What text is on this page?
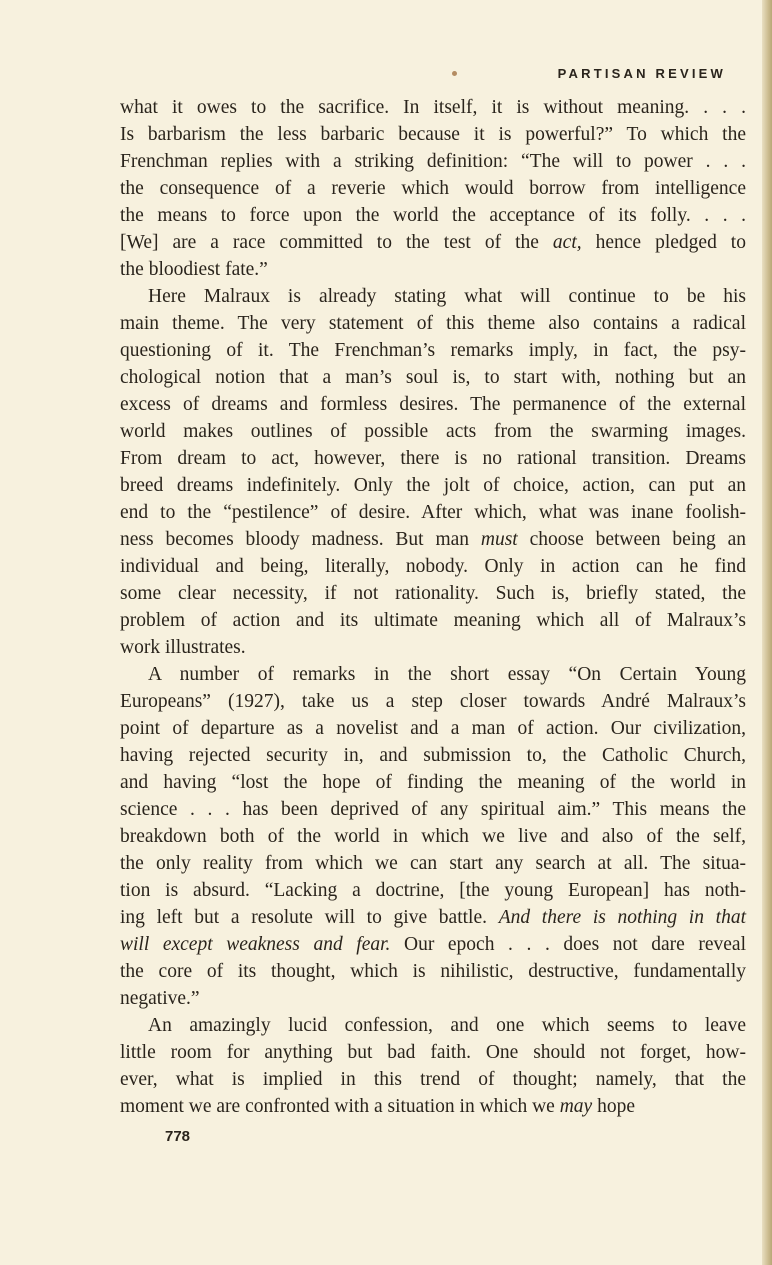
PARTISAN REVIEW
what it owes to the sacrifice. In itself, it is without meaning. . . .
Is barbarism the less barbaric because it is powerful?” To which the
Frenchman replies with a striking definition: “The will to power . . .
the consequence of a reverie which would borrow from intelligence
the means to force upon the world the acceptance of its folly. . . .
[We] are a race committed to the test of the act, hence pledged to
the bloodiest fate.”
Here Malraux is already stating what will continue to be his
main theme. The very statement of this theme also contains a radical
questioning of it. The Frenchman’s remarks imply, in fact, the psy-
chological notion that a man’s soul is, to start with, nothing but an
excess of dreams and formless desires. The permanence of the external
world makes outlines of possible acts from the swarming images.
From dream to act, however, there is no rational transition. Dreams
breed dreams indefinitely. Only the jolt of choice, action, can put an
end to the “pestilence” of desire. After which, what was inane foolish-
ness becomes bloody madness. But man must choose between being an
individual and being, literally, nobody. Only in action can he find
some clear necessity, if not rationality. Such is, briefly stated, the
problem of action and its ultimate meaning which all of Malraux’s
work illustrates.
A number of remarks in the short essay “On Certain Young
Europeans” (1927), take us a step closer towards André Malraux’s
point of departure as a novelist and a man of action. Our civilization,
having rejected security in, and submission to, the Catholic Church,
and having “lost the hope of finding the meaning of the world in
science . . . has been deprived of any spiritual aim.” This means the
breakdown both of the world in which we live and also of the self,
the only reality from which we can start any search at all. The situa-
tion is absurd. “Lacking a doctrine, [the young European] has noth-
ing left but a resolute will to give battle. And there is nothing in that
will except weakness and fear. Our epoch . . . does not dare reveal
the core of its thought, which is nihilistic, destructive, fundamentally
negative.”
An amazingly lucid confession, and one which seems to leave
little room for anything but bad faith. One should not forget, how-
ever, what is implied in this trend of thought; namely, that the
moment we are confronted with a situation in which we may hope
778
